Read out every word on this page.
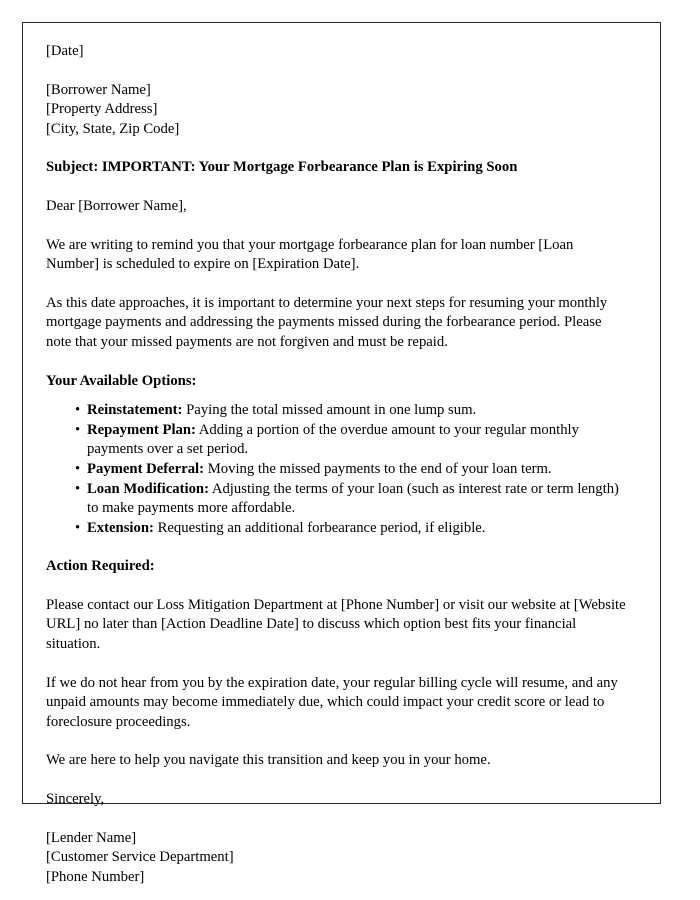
[Date]
[Borrower Name]
[Property Address]
[City, State, Zip Code]
Subject: IMPORTANT: Your Mortgage Forbearance Plan is Expiring Soon
Dear [Borrower Name],
We are writing to remind you that your mortgage forbearance plan for loan number [Loan Number] is scheduled to expire on [Expiration Date].
As this date approaches, it is important to determine your next steps for resuming your monthly mortgage payments and addressing the payments missed during the forbearance period. Please note that your missed payments are not forgiven and must be repaid.
Your Available Options:
• Reinstatement: Paying the total missed amount in one lump sum.
• Repayment Plan: Adding a portion of the overdue amount to your regular monthly payments over a set period.
• Payment Deferral: Moving the missed payments to the end of your loan term.
• Loan Modification: Adjusting the terms of your loan (such as interest rate or term length) to make payments more affordable.
• Extension: Requesting an additional forbearance period, if eligible.
Action Required:
Please contact our Loss Mitigation Department at [Phone Number] or visit our website at [Website URL] no later than [Action Deadline Date] to discuss which option best fits your financial situation.
If we do not hear from you by the expiration date, your regular billing cycle will resume, and any unpaid amounts may become immediately due, which could impact your credit score or lead to foreclosure proceedings.
We are here to help you navigate this transition and keep you in your home.
Sincerely,
[Lender Name]
[Customer Service Department]
[Phone Number]
